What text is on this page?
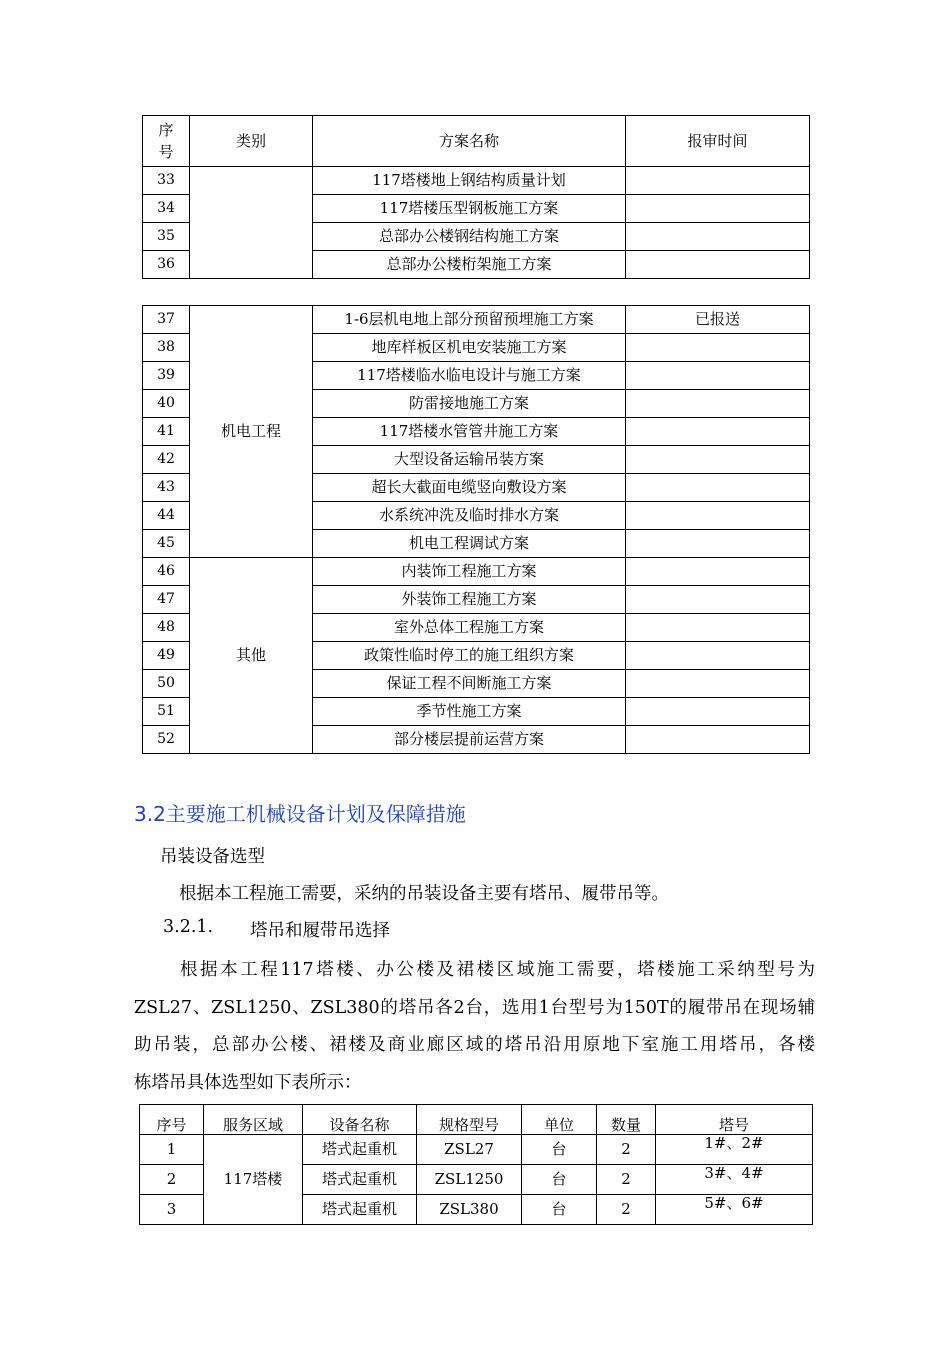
序号	类别	方案名称	报审时间
33		117塔楼地上钢结构质量计划	
34		117塔楼压型钢板施工方案	
35		总部办公楼钢结构施工方案	
36		总部办公楼桁架施工方案	
37	机电工程	1-6层机电地上部分预留预埋施工方案	已报送
38		地库样板区机电安装施工方案	
39		117塔楼临水临电设计与施工方案	
40		防雷接地施工方案	
41		117塔楼水管管井施工方案	
42		大型设备运输吊装方案	
43		超长大截面电缆竖向敷设方案	
44		水系统冲洗及临时排水方案	
45		机电工程调试方案	
46	其他	内装饰工程施工方案	
47		外装饰工程施工方案	
48		室外总体工程施工方案	
49		政策性临时停工的施工组织方案	
50		保证工程不间断施工方案	
51		季节性施工方案	
52		部分楼层提前运营方案	
3.2主要施工机械设备计划及保障措施
吊装设备选型
根据本工程施工需要，采纳的吊装设备主要有塔吊、履带吊等。
3.2.1. 塔吊和履带吊选择
根据本工程117塔楼、办公楼及裙楼区域施工需要，塔楼施工采纳型号为
ZSL27、ZSL1250、ZSL380的塔吊各2台，选用1台型号为150T的履带吊在现场辅
助吊装，总部办公楼、裙楼及商业廊区域的塔吊沿用原地下室施工用塔吊，各楼
栋塔吊具体选型如下表所示：
序号	服务区域	设备名称	规格型号	单位	数量	塔号
1	117塔楼	塔式起重机	ZSL27	台	2	1#、2#
2		塔式起重机	ZSL1250	台	2	3#、4#
3		塔式起重机	ZSL380	台	2	5#、6#
